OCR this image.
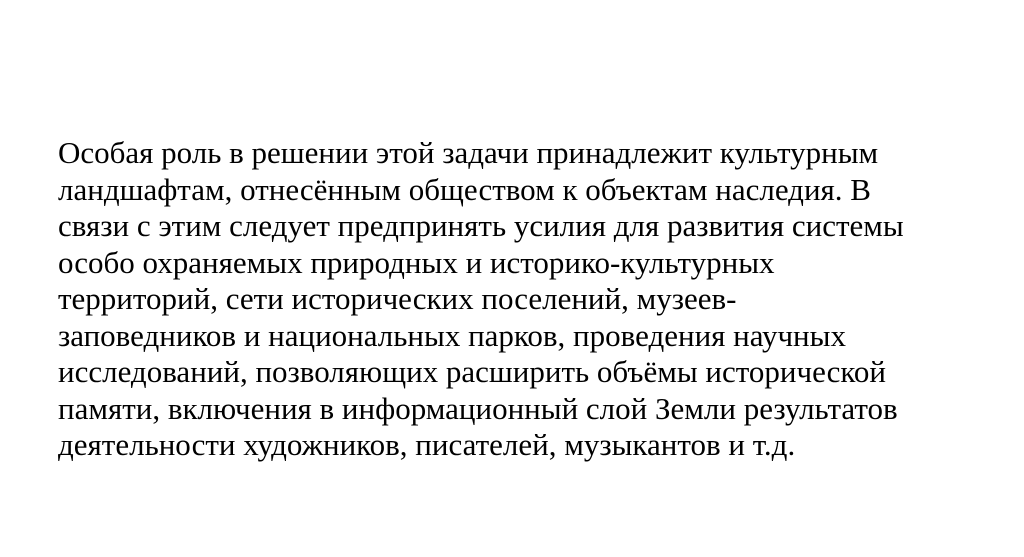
Особая роль в решении этой задачи принадлежит культурным
ландшафтам, отнесённым обществом к объектам наследия. В
связи с этим следует предпринять усилия для развития системы
особо охраняемых природных и историко-культурных
территорий, сети исторических поселений, музеев-
заповедников и национальных парков, проведения научных
исследований, позволяющих расширить объёмы исторической
памяти, включения в информационный слой Земли результатов
деятельности художников, писателей, музыкантов и т.д.
